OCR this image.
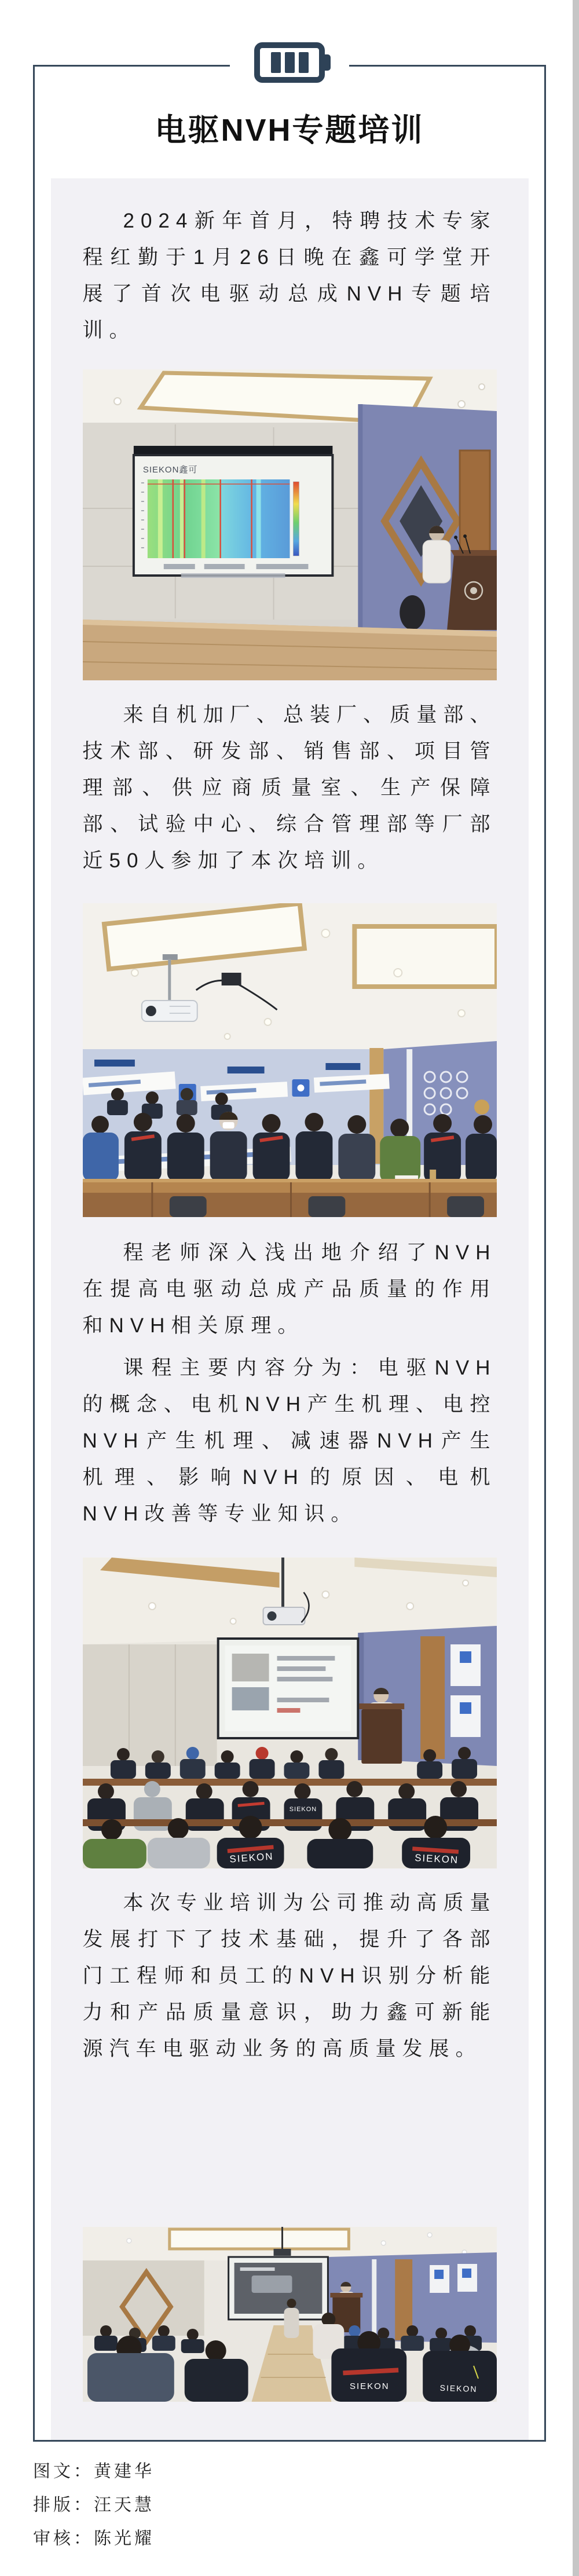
电驱NVH专题培训

2024新年首月，特聘技术专家程红勤于1月26日晚在鑫可学堂开展了首次电驱动总成NVH专题培训。

SIEKON鑫可

来自机加厂、总装厂、质量部、技术部、研发部、销售部、项目管理部、供应商质量室、生产保障部、试验中心、综合管理部等厂部近50人参加了本次培训。

程老师深入浅出地介绍了NVH在提高电驱动总成产品质量的作用和NVH相关原理。

课程主要内容分为：电驱NVH的概念、电机NVH产生机理、电控NVH产生机理、减速器NVH产生机理、影响NVH的原因、电机NVH改善等专业知识。

SIEKON
SIEKON	SIEKON

本次专业培训为公司推动高质量发展打下了技术基础，提升了各部门工程师和员工的NVH识别分析能力和产品质量意识，助力鑫可新能源汽车电驱动业务的高质量发展。

SIEKON	SIEKON
图文：黄建华
排版：汪天慧
审核：陈光耀
